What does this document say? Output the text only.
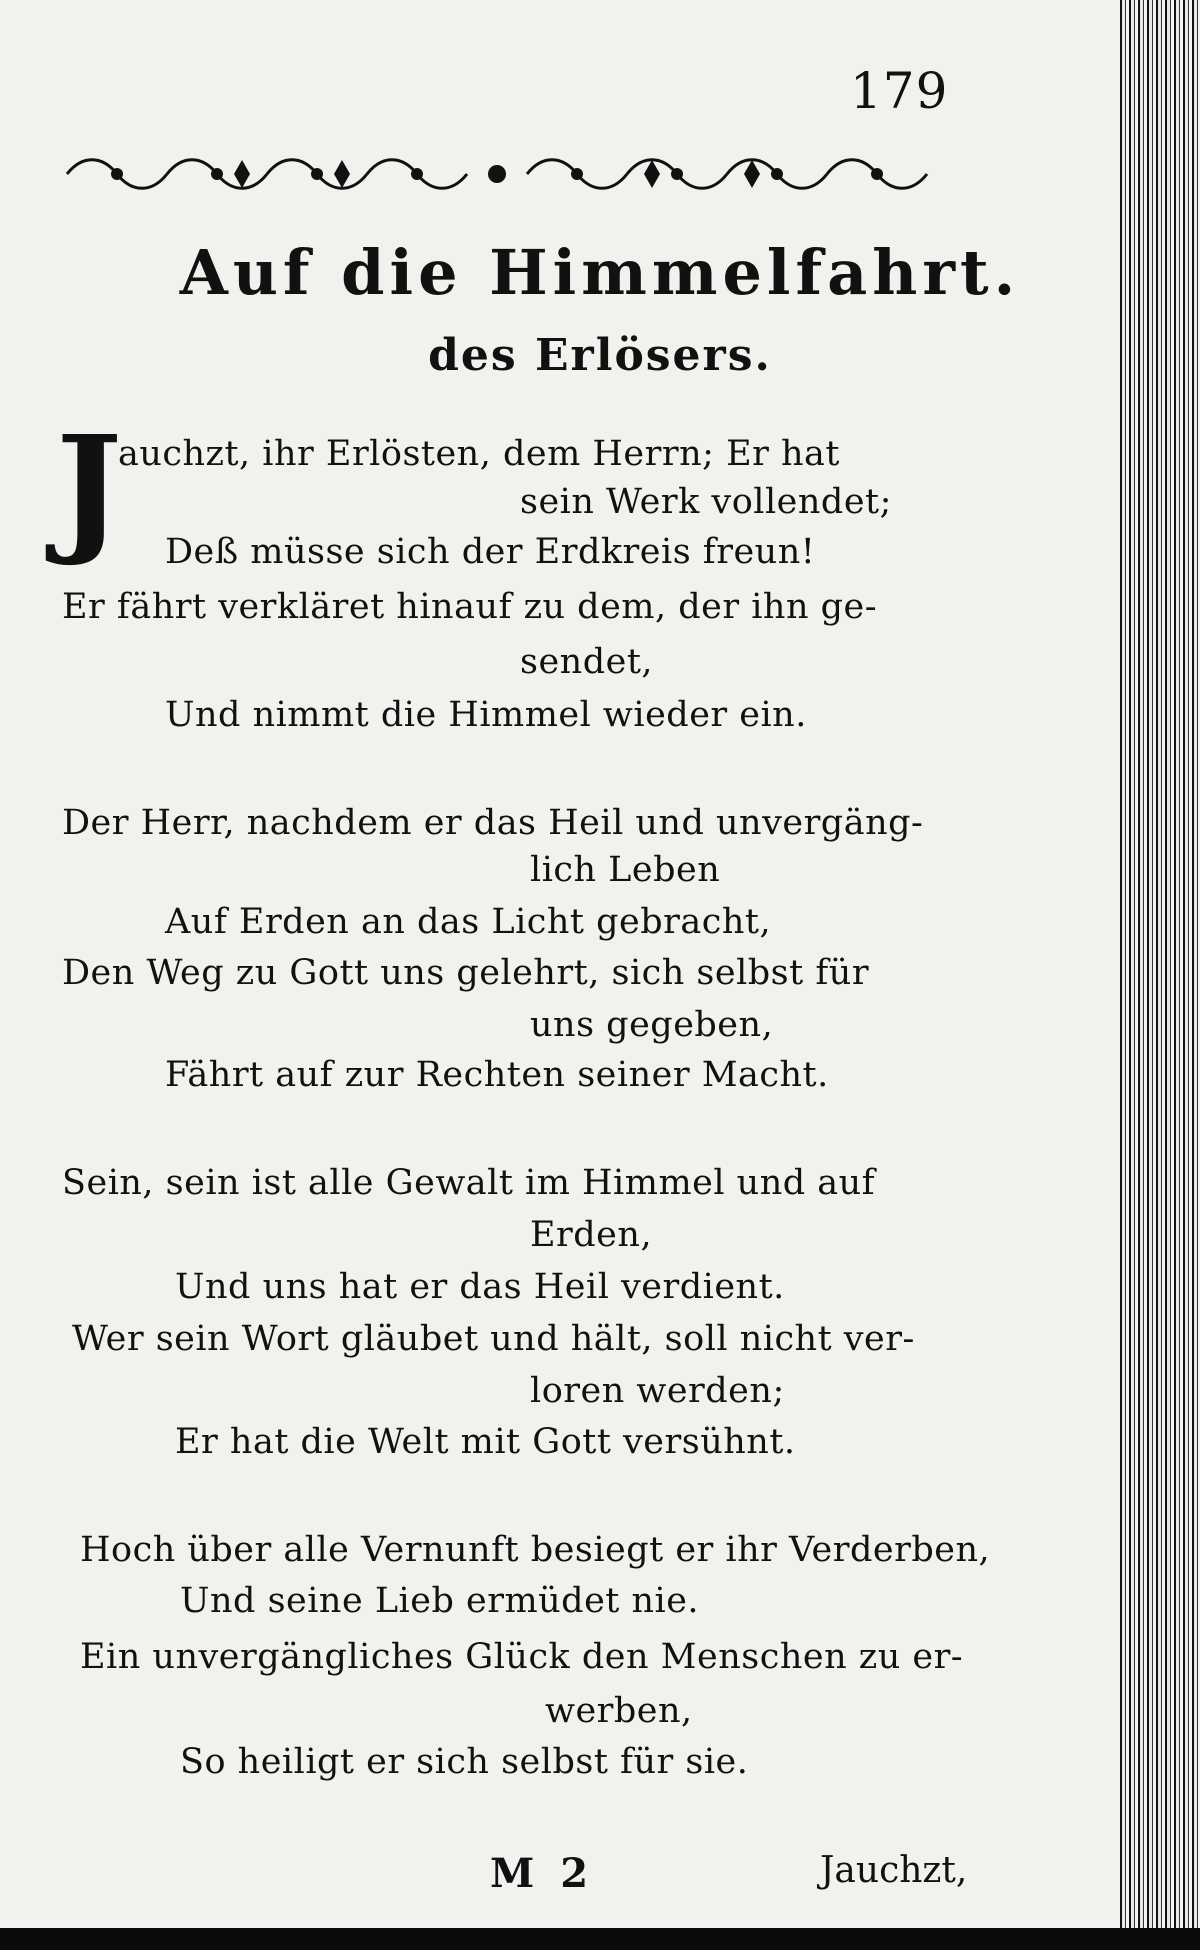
179
Auf die Himmelfahrt.
des Erlösers.
J
auchzt, ihr Erlösten, dem Herrn; Er hat
sein Werk vollendet;
Deß müsse sich der Erdkreis freun!
Er fährt verkläret hinauf zu dem, der ihn ge-
sendet,
Und nimmt die Himmel wieder ein.
Der Herr, nachdem er das Heil und unvergäng-
lich Leben
Auf Erden an das Licht gebracht,
Den Weg zu Gott uns gelehrt, sich selbst für
uns gegeben,
Fährt auf zur Rechten seiner Macht.
Sein, sein ist alle Gewalt im Himmel und auf
Erden,
Und uns hat er das Heil verdient.
Wer sein Wort gläubet und hält, soll nicht ver-
loren werden;
Er hat die Welt mit Gott versühnt.
Hoch über alle Vernunft besiegt er ihr Verderben,
Und seine Lieb ermüdet nie.
Ein unvergängliches Glück den Menschen zu er-
werben,
So heiligt er sich selbst für sie.
M 2	Jauchzt,
